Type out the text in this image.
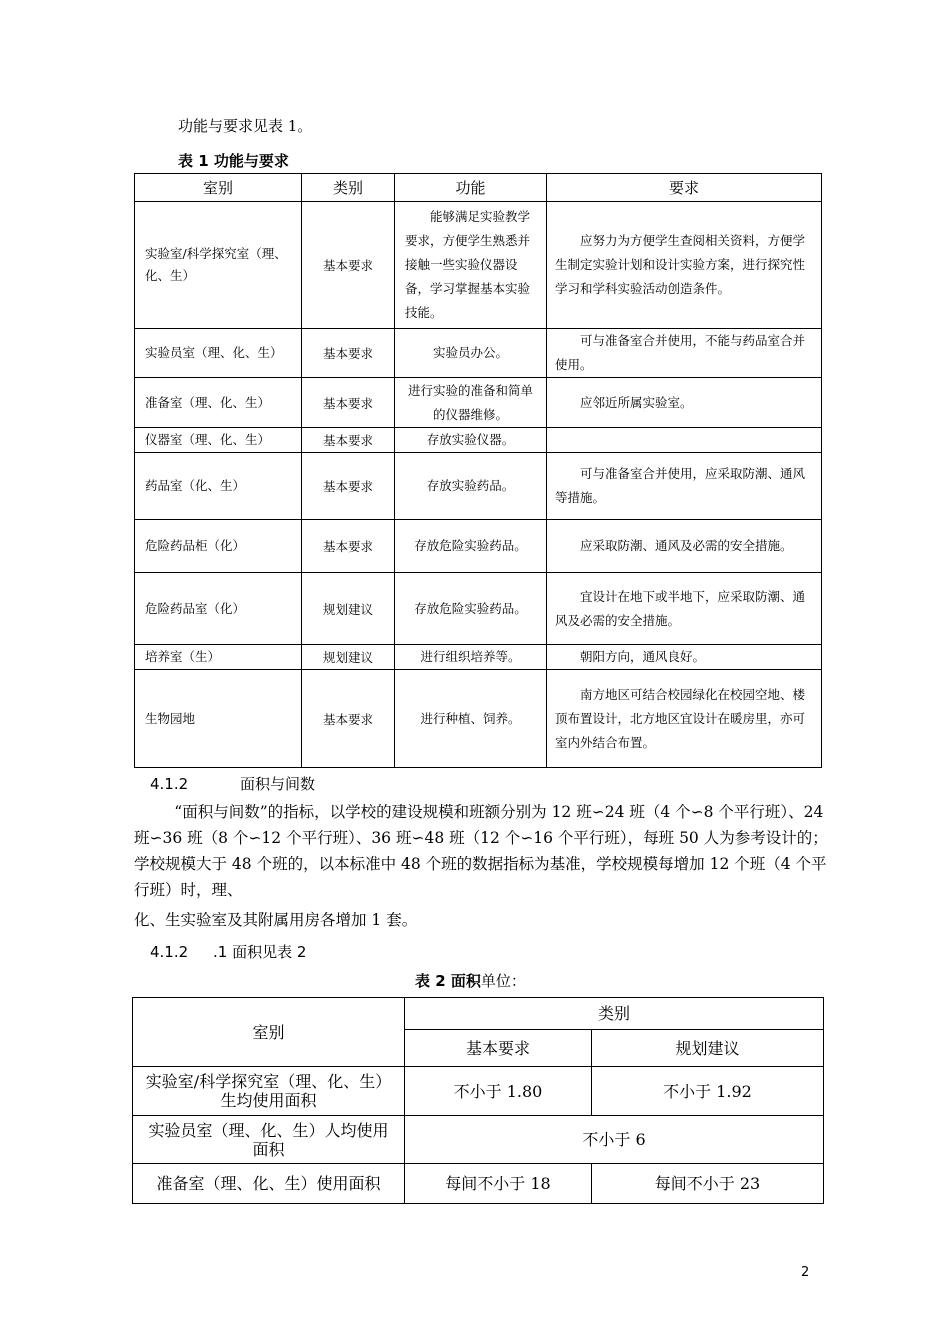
功能与要求见表 1。
表 1 功能与要求
室别	类别	功能	要求
实验室/科学探究室（理、化、生）	基本要求	能够满足实验教学要求，方便学生熟悉并接触一些实验仪器设备，学习掌握基本实验技能。	应努力为方便学生查阅相关资料，方便学生制定实验计划和设计实验方案，进行探究性学习和学科实验活动创造条件。
实验员室（理、化、生）	基本要求	实验员办公。	可与准备室合并使用，不能与药品室合并使用。
准备室（理、化、生）	基本要求	进行实验的准备和简单的仪器维修。	应邻近所属实验室。
仪器室（理、化、生）	基本要求	存放实验仪器。	
药品室（化、生）	基本要求	存放实验药品。	可与准备室合并使用，应采取防潮、通风等措施。
危险药品柜（化）	基本要求	存放危险实验药品。	应采取防潮、通风及必需的安全措施。
危险药品室（化）	规划建议	存放危险实验药品。	宜设计在地下或半地下，应采取防潮、通风及必需的安全措施。
培养室（生）	规划建议	进行组织培养等。	朝阳方向，通风良好。
生物园地	基本要求	进行种植、饲养。	南方地区可结合校园绿化在校园空地、楼顶布置设计，北方地区宜设计在暖房里，亦可室内外结合布置。
4.1.2	面积与间数
“面积与间数”的指标，以学校的建设规模和班额分别为 12 班∽24 班（4 个∽8 个平行班）、24 班∽36 班（8 个∽12 个平行班）、36 班∽48 班（12 个∽16 个平行班），每班 50 人为参考设计的；学校规模大于 48 个班的，以本标准中 48 个班的数据指标为基准，学校规模每增加 12 个班（4 个平行班）时，理、
化、生实验室及其附属用房各增加 1 套。
4.1.2 .1 面积见表 2
表 2 面积单位：
室别	类别	
	基本要求	规划建议
实验室/科学探究室（理、化、生）生均使用面积	不小于 1.80	不小于 1.92
实验员室（理、化、生）人均使用面积	不小于 6	
准备室（理、化、生）使用面积	每间不小于 18	每间不小于 23
2
